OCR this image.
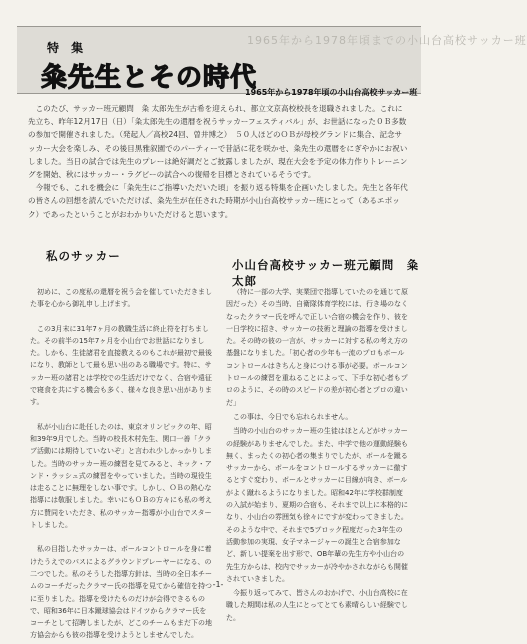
1965年から1978年頃までの小山台高校サッカー班
特 集
粂先生とその時代
1965年から1978年頃の小山台高校サッカー班

このたび、サッカー班元顧問　粂 太郎先生が古希を迎えられ、都立文京高校校長を退職されました。これに先立ち、昨年12月17日（日）「粂太郎先生の還暦を祝うサッカーフェスティバル」が、お世話になった０Ｂ多数の参加で開催されました。（発起人／高校24回、曽井博之）　５０人ほどのＯＢが母校グランドに集合、記念サッカー大会を楽しみ、その後目黒雅叙園でのパーティーで昔話に花を咲かせ、粂先生の還暦をにぎやかにお祝いしました。当日の試合では先生のプレーは絶好調だとご披露しましたが、現在大会を予定の体力作りトレーニングを開始、秋にはサッカー・ラグビーの試合への復帰を目標とされているそうです。

今報でも、これを機会に「粂先生にご指導いただいた頃」を振り返る特集を企画いたしました。先生と各年代の皆さんの回想を読んでいただけば、粂先生が在任された時期が小山台高校サッカー班にとって（あるエポック）であったということがおわかりいただけると思います。

私のサッカー
小山台高校サッカー班元顧問　粂　太郎

初めに、この度私の還暦を祝う会を催していただきました事を心から御礼申し上げます。

この3月末に31年7ヶ月の教職生活に終止符を打ちました。その前半の15年7ヶ月を小山台でお世話になりました。しかも、生徒諸君を直接教えるのもこれが最初で最後になり、教師として最も思い出のある職場です。特に、サッカー班の諸君とは学校での生活だけでなく、合宿や遠征で寝食を共にする機会も多く、様々な良き思い出があります。

私が小山台に赴任したのは、東京オリンピックの年、昭和39年9月でした。当時の校長木村先生、関口一善「クラブ活動には期待していないぞ」と言われ少しかっかりしました。当時のサッカー班の練習を見てみると、キック・アンド・ラッシュ式の練習をやっていました。当時の現役生は走ることに無理をしない事です。しかし、ＯＢの熱心な指導には敬服しました。幸いにもＯＢの方々にも私の考え方に賛同をいただき、私のサッカー指導が小山台でスタートしました。

私の目指したサッカーは、ボールコントロールを身に着けたうえでのパスによるグラウンドプレーヤーになる、の二つでした。私のそうした指導方針は、当時の全日本チームのコーチだったクラマー氏の指導を見てから確信を持つに至りました。指導を受けたものだけが会得できるもので、昭和36年に日本蹴球協会はドイツからクラマー氏をコーチとして招聘しましたが、どこのチームもまだ下の地方協会からも彼の指導を受けようとしませんでした。

（特に一部の大学、実業団で指導していたのを通じて原因だった）その当時、自衛隊体育学校には、行き場のなくなったクラマー氏を呼んで正しい合宿の機会を作り、彼を一日学校に招き、サッカーの技術と理論の指導を受けました。その時の彼の一言が、サッカーに対する私の考え方の基盤になりました。「初心者の少年も一流のプロもボールコントロールはきちんと身につける事が必要。ボールコントロールの練習を重ねることによって、下手な初心者もプロのように、その時のスピードの差が初心者とプロの違いだ」

この事は、今日でも忘れられません。

当時の小山台のサッカー班の生徒はほとんどがサッカーの経験がありませんでした。また、中学で他の運動経験も無く、まったくの初心者の集まりでしたが、ボールを蹴るサッカーから、ボールをコントロールするサッカーに徹するとすぐ変わり、ボールとサッカーに目線が向き、ボールがよく蹴れるようになりました。昭和42年に学校群制度の入試が始まり、夏期の合宿も、それまで以上に本格的になり、小山台の雰囲気も徐々にですが変わってきました。そのような中で、それまで5ブロック程度だった3年生の活動参加の実現、女子マネージャーの誕生と合宿参加など、新しい提案を出す形で、OB年輩の先生方や小山台の先生方からは、校内でサッカーが冷やかされながらも開催されていきました。

今振り返ってみて、皆さんのおかげで、小山台高校に在職した期間は私の人生にとってとても素晴らしい経験でした。

-1-
